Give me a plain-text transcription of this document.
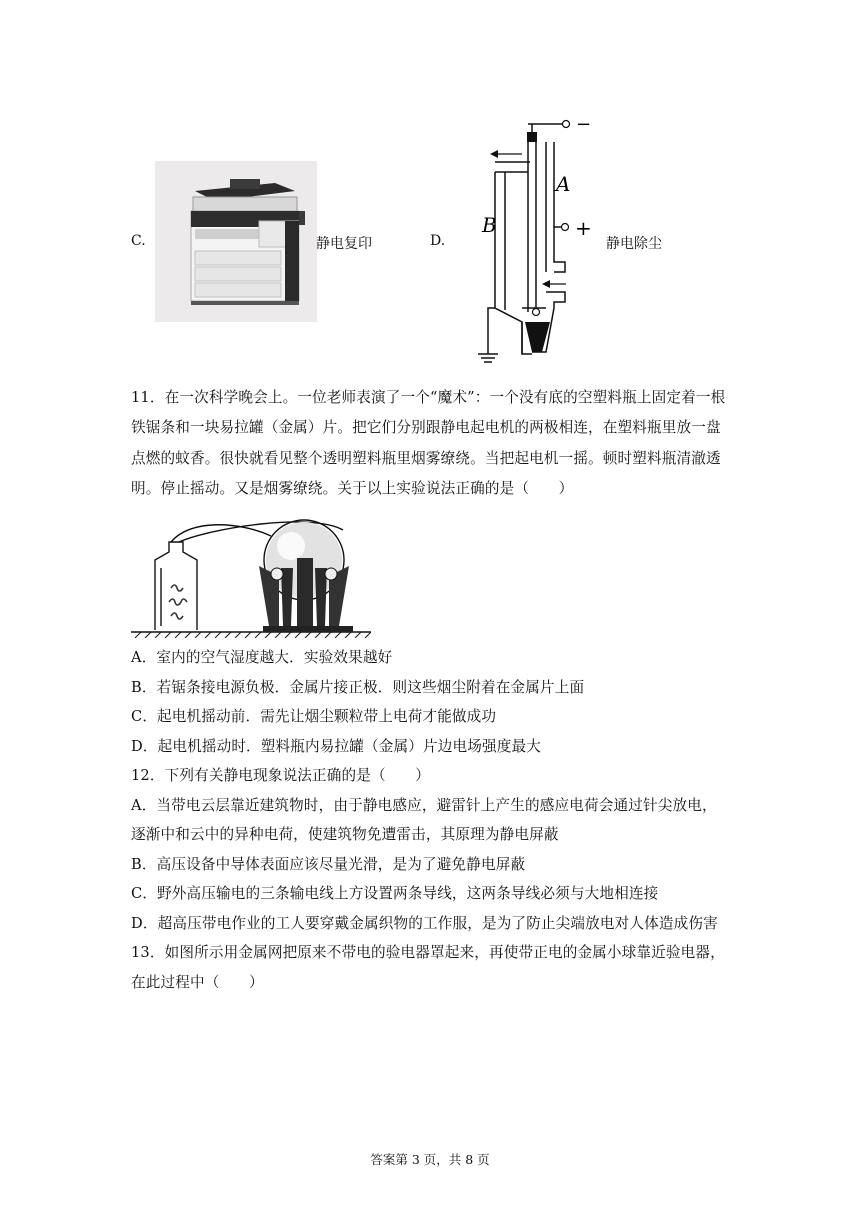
C.	静电复印	D.
−
+
A
B
静电除尘
11．在一次科学晚会上。一位老师表演了一个“魔术”：一个没有底的空塑料瓶上固定着一根
铁锯条和一块易拉罐（金属）片。把它们分别跟静电起电机的两极相连，在塑料瓶里放一盘
点燃的蚊香。很快就看见整个透明塑料瓶里烟雾缭绕。当把起电机一摇。顿时塑料瓶清澈透
明。停止摇动。又是烟雾缭绕。关于以上实验说法正确的是（　　）
A．室内的空气湿度越大．实验效果越好
B．若锯条接电源负极．金属片接正极．则这些烟尘附着在金属片上面
C．起电机摇动前．需先让烟尘颗粒带上电荷才能做成功
D．起电机摇动时．塑料瓶内易拉罐（金属）片边电场强度最大
12．下列有关静电现象说法正确的是（　　）
A．当带电云层靠近建筑物时，由于静电感应，避雷针上产生的感应电荷会通过针尖放电，
逐渐中和云中的异种电荷，使建筑物免遭雷击，其原理为静电屏蔽
B．高压设备中导体表面应该尽量光滑，是为了避免静电屏蔽
C．野外高压输电的三条输电线上方设置两条导线，这两条导线必须与大地相连接
D．超高压带电作业的工人要穿戴金属织物的工作服，是为了防止尖端放电对人体造成伤害
13．如图所示用金属网把原来不带电的验电器罩起来，再使带正电的金属小球靠近验电器，
在此过程中（　　）
答案第 3 页，共 8 页
